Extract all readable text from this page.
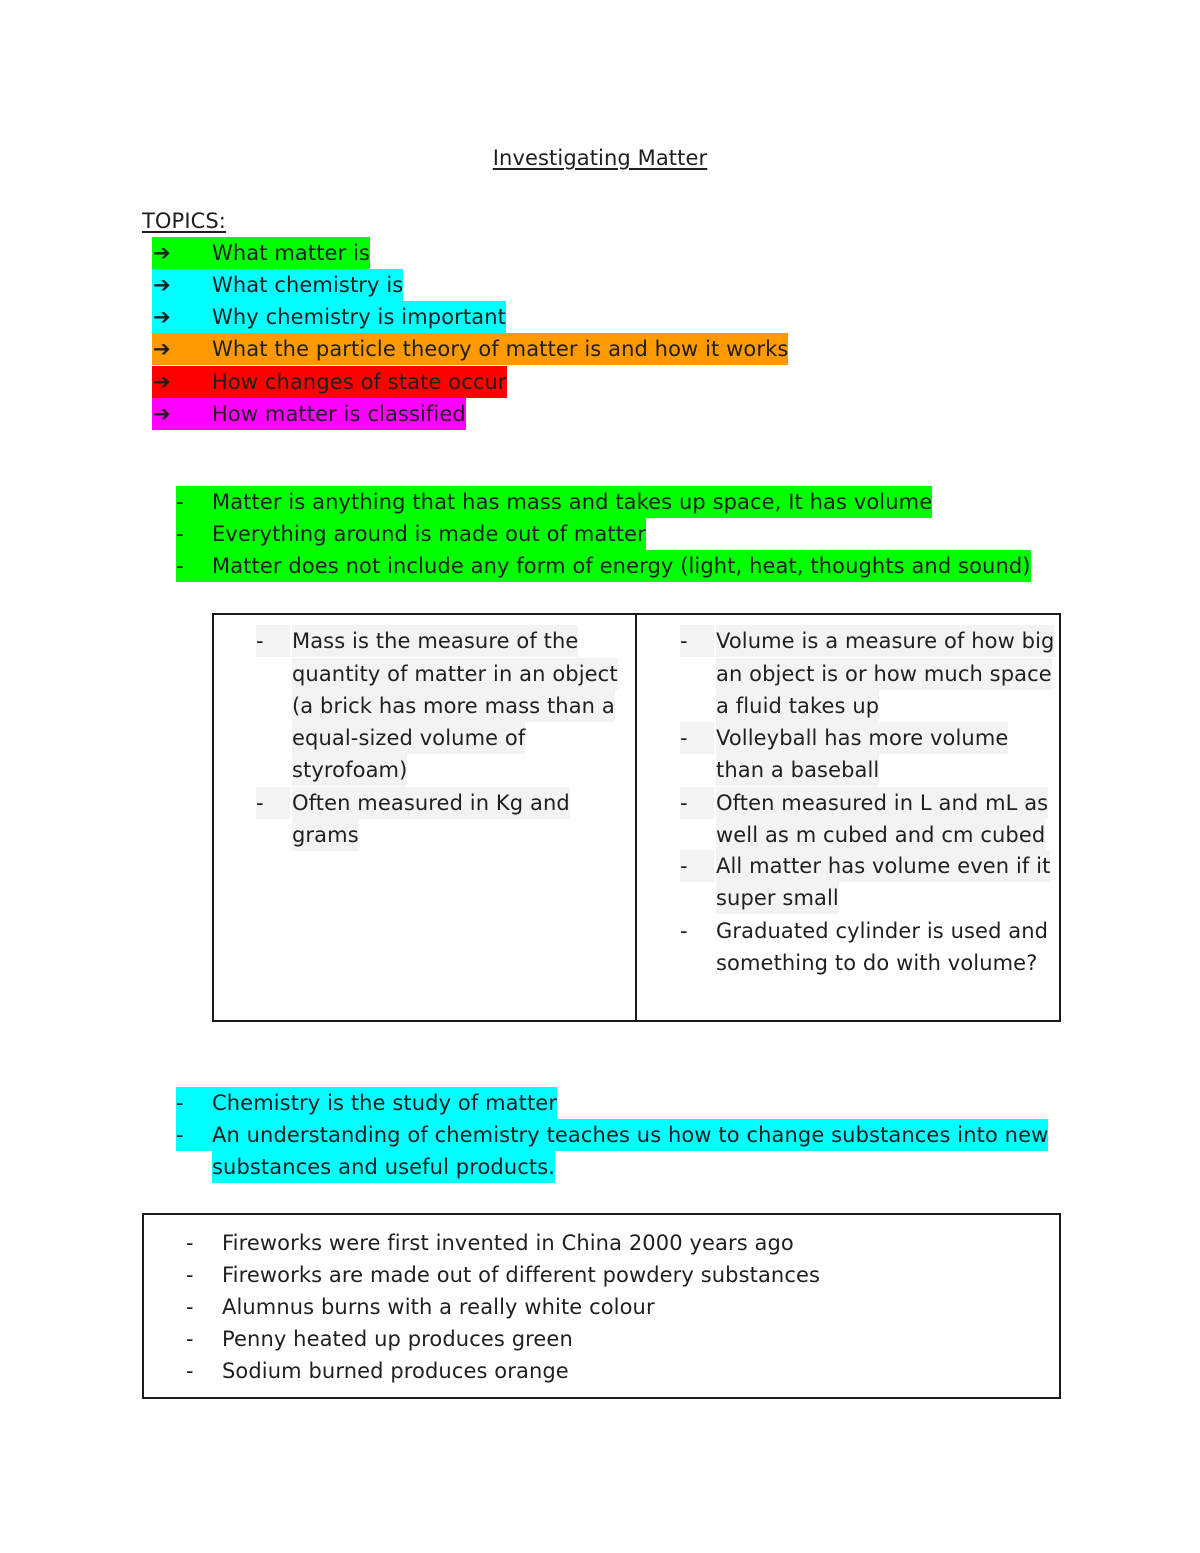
Investigating Matter
TOPICS:
➔ What matter is
➔ What chemistry is
➔ Why chemistry is important
➔ What the particle theory of matter is and how it works
➔ How changes of state occur
➔ How matter is classified
- Matter is anything that has mass and takes up space, It has volume
- Everything around is made out of matter
- Matter does not include any form of energy (light, heat, thoughts and sound)
-	Mass is the measure of the
quantity of matter in an object
(a brick has more mass than a
equal-sized volume of
styrofoam)
-	Often measured in Kg and
grams
-	Volume is a measure of how big
an object is or how much space
a fluid takes up
-	Volleyball has more volume
than a baseball
-	Often measured in L and mL as
well as m cubed and cm cubed
-	All matter has volume even if it
super small
-	Graduated cylinder is used and
something to do with volume?
- Chemistry is the study of matter
- An understanding of chemistry teaches us how to change substances into new
substances and useful products.
- Fireworks were first invented in China 2000 years ago
- Fireworks are made out of different powdery substances
- Alumnus burns with a really white colour
- Penny heated up produces green
- Sodium burned produces orange
